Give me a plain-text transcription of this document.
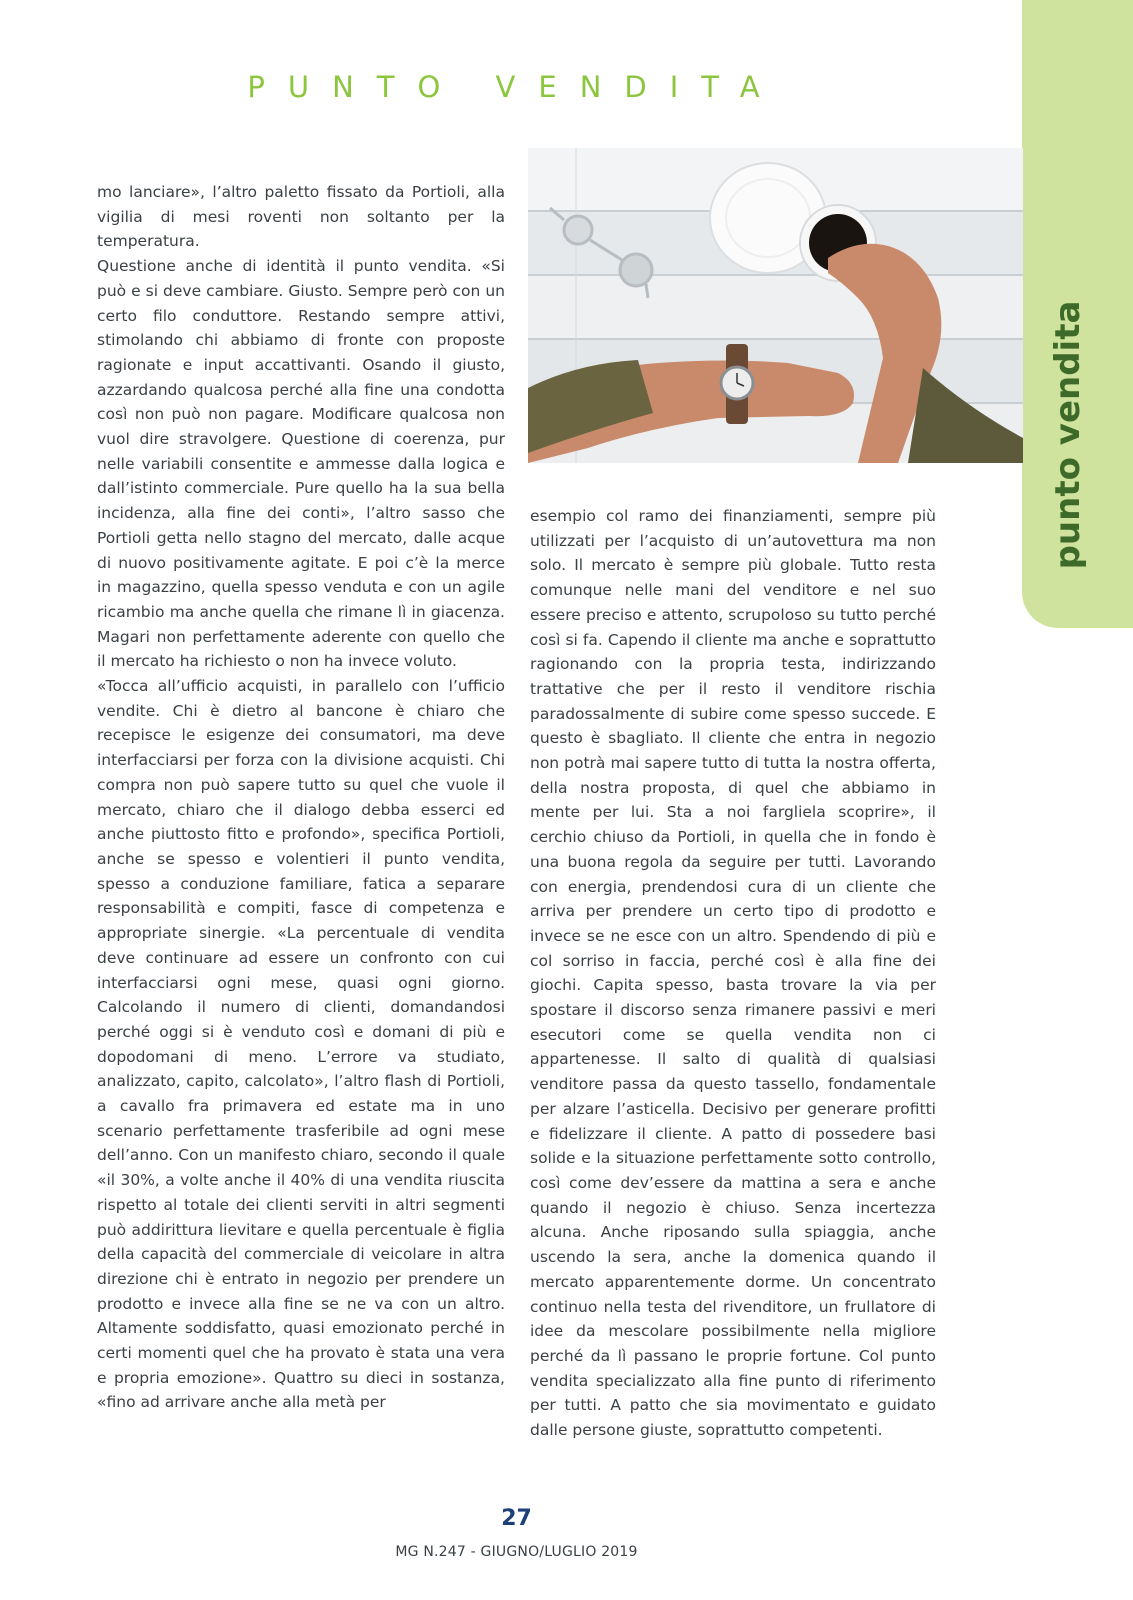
punto vendita
PUNTO VENDITA

mo lanciare», l’altro paletto fissato da Portioli, alla vigilia di mesi roventi non soltanto per la temperatura.

Questione anche di identità il punto vendita. «Si può e si deve cambiare. Giusto. Sempre però con un certo filo conduttore. Restando sempre attivi, stimolando chi abbiamo di fronte con proposte ragionate e input accattivanti. Osando il giusto, azzardando qualcosa perché alla fine una condotta così non può non pagare. Modificare qualcosa non vuol dire stravolgere. Questione di coerenza, pur nelle variabili consentite e ammesse dalla logica e dall’istinto commerciale. Pure quello ha la sua bella incidenza, alla fine dei conti», l’altro sasso che Portioli getta nello stagno del mercato, dalle acque di nuovo positivamente agitate. E poi c’è la merce in magazzino, quella spesso venduta e con un agile ricambio ma anche quella che rimane lì in giacenza. Magari non perfettamente aderente con quello che il mercato ha richiesto o non ha invece voluto.

«Tocca all’ufficio acquisti, in parallelo con l’ufficio vendite. Chi è dietro al bancone è chiaro che recepisce le esigenze dei consumatori, ma deve interfacciarsi per forza con la divisione acquisti. Chi compra non può sapere tutto su quel che vuole il mercato, chiaro che il dialogo debba esserci ed anche piuttosto fitto e profondo», specifica Portioli, anche se spesso e volentieri il punto vendita, spesso a conduzione familiare, fatica a separare responsabilità e compiti, fasce di competenza e appropriate sinergie. «La percentuale di vendita deve continuare ad essere un confronto con cui interfacciarsi ogni mese, quasi ogni giorno. Calcolando il numero di clienti, domandandosi perché oggi si è venduto così e domani di più e dopodomani di meno. L’errore va studiato, analizzato, capito, calcolato», l’altro flash di Portioli, a cavallo fra primavera ed estate ma in uno scenario perfettamente trasferibile ad ogni mese dell’anno. Con un manifesto chiaro, secondo il quale «il 30%, a volte anche il 40% di una vendita riuscita rispetto al totale dei clienti serviti in altri segmenti può addirittura lievitare e quella percentuale è figlia della capacità del commerciale di veicolare in altra direzione chi è entrato in negozio per prendere un prodotto e invece alla fine se ne va con un altro. Altamente soddisfatto, quasi emozionato perché in certi momenti quel che ha provato è stata una vera e propria emozione». Quattro su dieci in sostanza, «fino ad arrivare anche alla metà per

esempio col ramo dei finanziamenti, sempre più utilizzati per l’acquisto di un’autovettura ma non solo. Il mercato è sempre più globale. Tutto resta comunque nelle mani del venditore e nel suo essere preciso e attento, scrupoloso su tutto perché così si fa. Capendo il cliente ma anche e soprattutto ragionando con la propria testa, indirizzando trattative che per il resto il venditore rischia paradossalmente di subire come spesso succede. E questo è sbagliato. Il cliente che entra in negozio non potrà mai sapere tutto di tutta la nostra offerta, della nostra proposta, di quel che abbiamo in mente per lui. Sta a noi fargliela scoprire», il cerchio chiuso da Portioli, in quella che in fondo è una buona regola da seguire per tutti. Lavorando con energia, prendendosi cura di un cliente che arriva per prendere un certo tipo di prodotto e invece se ne esce con un altro. Spendendo di più e col sorriso in faccia, perché così è alla fine dei giochi. Capita spesso, basta trovare la via per spostare il discorso senza rimanere passivi e meri esecutori come se quella vendita non ci appartenesse. Il salto di qualità di qualsiasi venditore passa da questo tassello, fondamentale per alzare l’asticella. Decisivo per generare profitti e fidelizzare il cliente. A patto di possedere basi solide e la situazione perfettamente sotto controllo, così come dev’essere da mattina a sera e anche quando il negozio è chiuso. Senza incertezza alcuna. Anche riposando sulla spiaggia, anche uscendo la sera, anche la domenica quando il mercato apparentemente dorme. Un concentrato continuo nella testa del rivenditore, un frullatore di idee da mescolare possibilmente nella migliore perché da lì passano le proprie fortune. Col punto vendita specializzato alla fine punto di riferimento per tutti. A patto che sia movimentato e guidato dalle persone giuste, soprattutto competenti.

27
MG N.247 - GIUGNO/LUGLIO 2019
